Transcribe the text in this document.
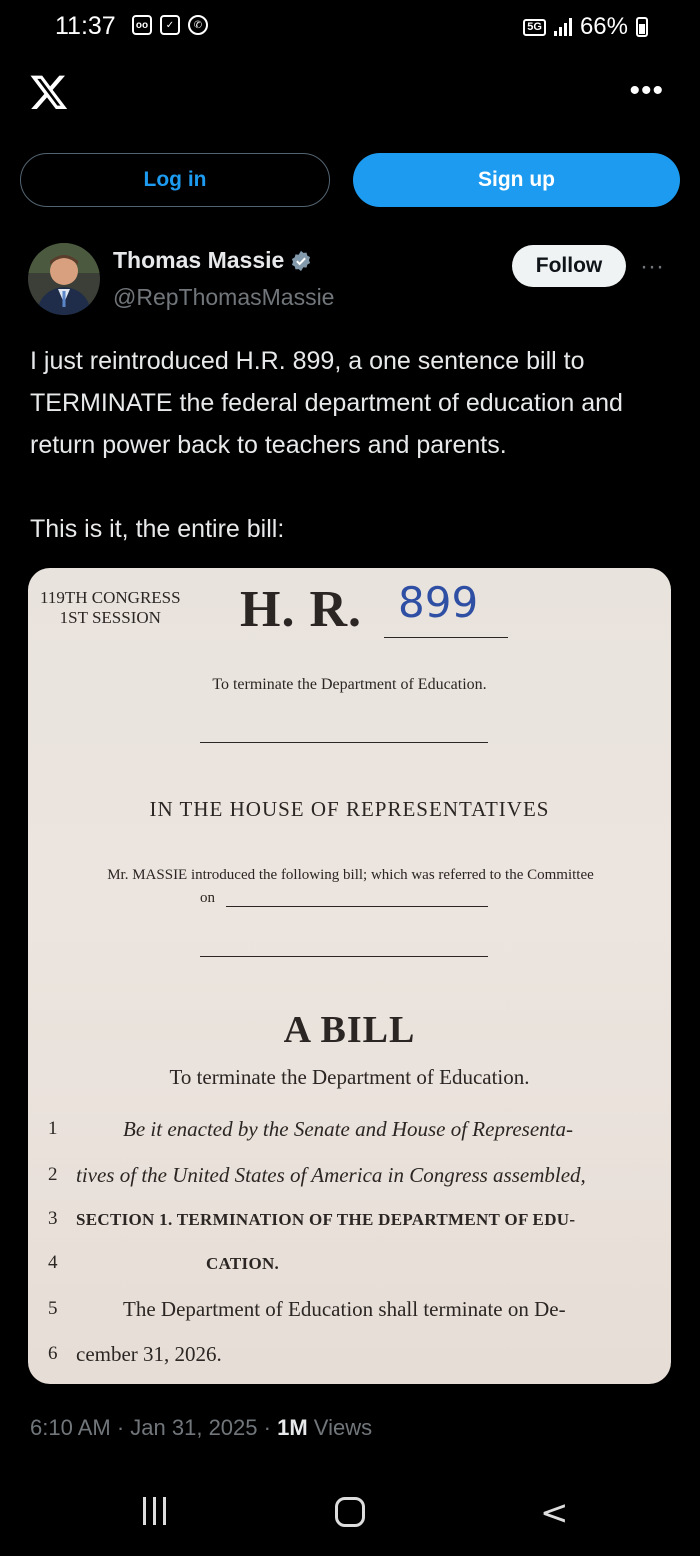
11:37	oo	✓	✆	5G 66%
•••
Log in	Sign up
Thomas Massie
@RepThomasMassie
Follow	···

I just reintroduced H.R. 899, a one sentence bill to TERMINATE the federal department of education and return power back to teachers and parents.

This is it, the entire bill:

119TH CONGRESS
1ST SESSION	H. R. 899
To terminate the Department of Education.
IN THE HOUSE OF REPRESENTATIVES
Mr. MASSIE introduced the following bill; which was referred to the Committee
on
A BILL
To terminate the Department of Education.
1	Be it enacted by the Senate and House of Representa-
2 tives of the United States of America in Congress assembled,
3 SECTION 1. TERMINATION OF THE DEPARTMENT OF EDU-
4	CATION.
5	The Department of Education shall terminate on De-
6 cember 31, 2026.
6:10 AM · Jan 31, 2025 · 1M Views
<
